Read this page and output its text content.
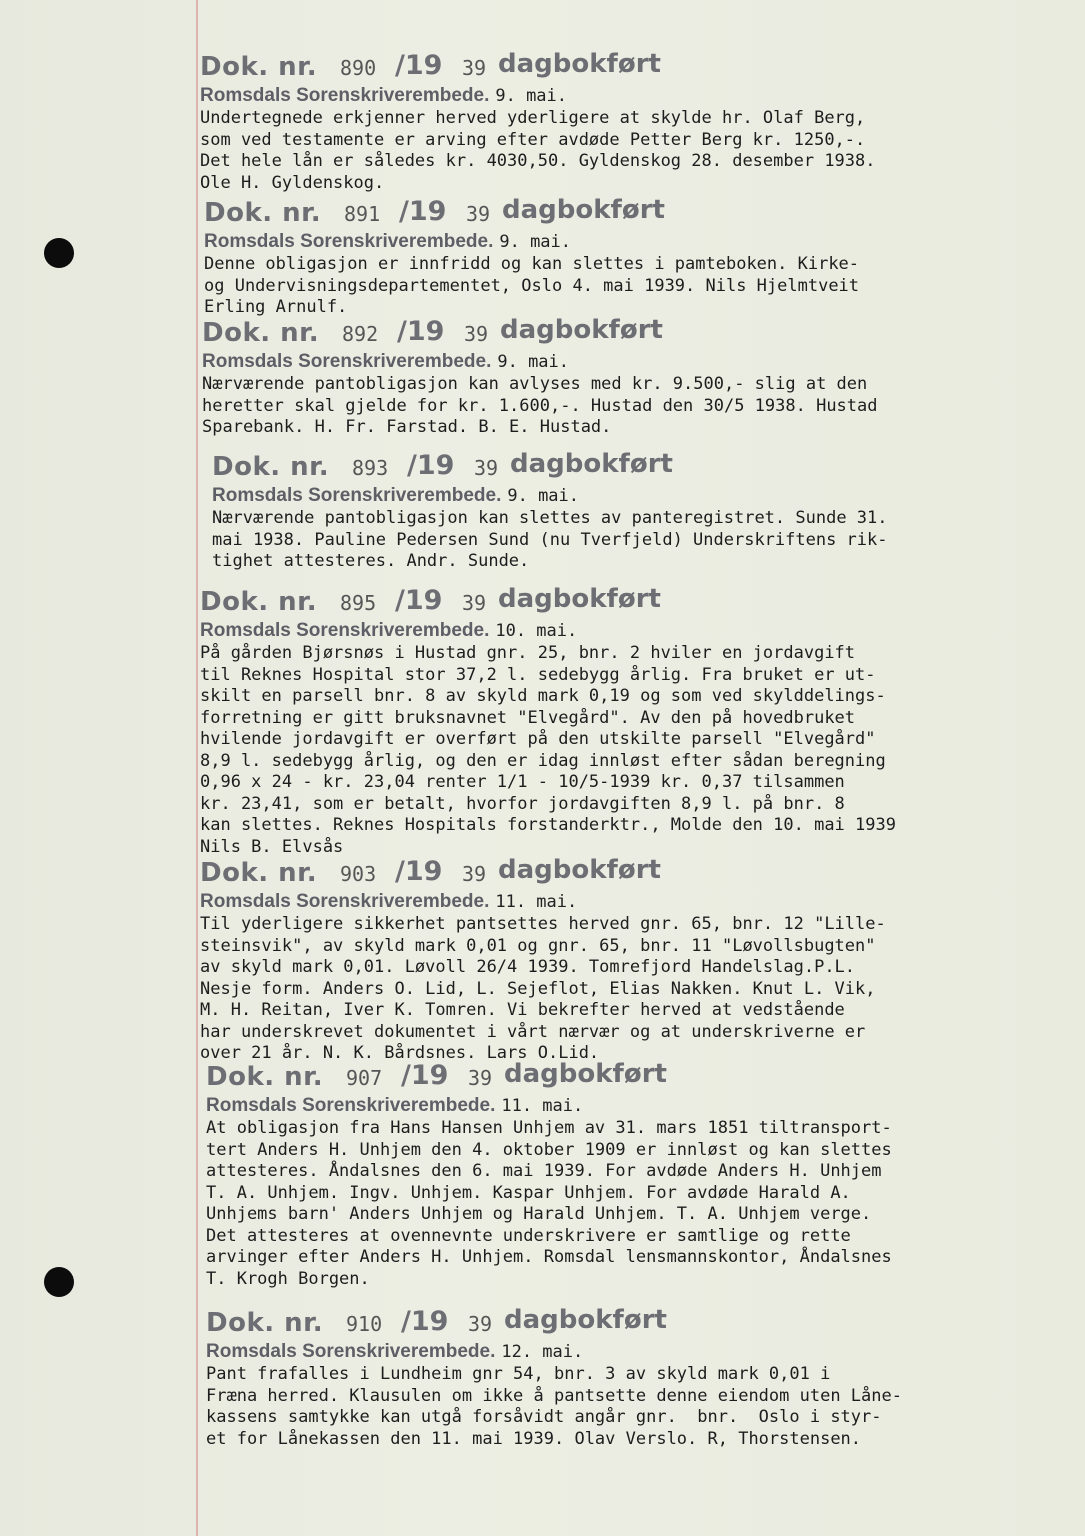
Dok. nr. 890 /19 39 dagbokført
Romsdals Sorenskriverembede. 9. mai.
Undertegnede erkjenner herved yderligere at skylde hr. Olaf Berg,
som ved testamente er arving efter avdøde Petter Berg kr. 1250,-.
Det hele lån er således kr. 4030,50. Gyldenskog 28. desember 1938.
Ole H. Gyldenskog.
Dok. nr. 891 /19 39 dagbokført
Romsdals Sorenskriverembede. 9. mai.
Denne obligasjon er innfridd og kan slettes i pamteboken. Kirke-
og Undervisningsdepartementet, Oslo 4. mai 1939. Nils Hjelmtveit
Erling Arnulf.
Dok. nr. 892 /19 39 dagbokført
Romsdals Sorenskriverembede. 9. mai.
Nærværende pantobligasjon kan avlyses med kr. 9.500,- slig at den
heretter skal gjelde for kr. 1.600,-. Hustad den 30/5 1938. Hustad
Sparebank. H. Fr. Farstad. B. E. Hustad.
Dok. nr. 893 /19 39 dagbokført
Romsdals Sorenskriverembede. 9. mai.
Nærværende pantobligasjon kan slettes av panteregistret. Sunde 31.
mai 1938. Pauline Pedersen Sund (nu Tverfjeld) Underskriftens rik-
tighet attesteres. Andr. Sunde.
Dok. nr. 895 /19 39 dagbokført
Romsdals Sorenskriverembede. 10. mai.
På gården Bjørsnøs i Hustad gnr. 25, bnr. 2 hviler en jordavgift
til Reknes Hospital stor 37,2 l. sedebygg årlig. Fra bruket er ut-
skilt en parsell bnr. 8 av skyld mark 0,19 og som ved skylddelings-
forretning er gitt bruksnavnet "Elvegård". Av den på hovedbruket
hvilende jordavgift er overført på den utskilte parsell "Elvegård"
8,9 l. sedebygg årlig, og den er idag innløst efter sådan beregning
0,96 x 24 - kr. 23,04 renter 1/1 - 10/5-1939 kr. 0,37 tilsammen
kr. 23,41, som er betalt, hvorfor jordavgiften 8,9 l. på bnr. 8
kan slettes. Reknes Hospitals forstanderktr., Molde den 10. mai 1939
Nils B. Elvsås
Dok. nr. 903 /19 39 dagbokført
Romsdals Sorenskriverembede. 11. mai.
Til yderligere sikkerhet pantsettes herved gnr. 65, bnr. 12 "Lille-
steinsvik", av skyld mark 0,01 og gnr. 65, bnr. 11 "Løvollsbugten"
av skyld mark 0,01. Løvoll 26/4 1939. Tomrefjord Handelslag.P.L.
Nesje form. Anders O. Lid, L. Sejeflot, Elias Nakken. Knut L. Vik,
M. H. Reitan, Iver K. Tomren. Vi bekrefter herved at vedstående
har underskrevet dokumentet i vårt nærvær og at underskriverne er
over 21 år. N. K. Bårdsnes. Lars O.Lid.
Dok. nr. 907 /19 39 dagbokført
Romsdals Sorenskriverembede. 11. mai.
At obligasjon fra Hans Hansen Unhjem av 31. mars 1851 tiltransport-
tert Anders H. Unhjem den 4. oktober 1909 er innløst og kan slettes
attesteres. Åndalsnes den 6. mai 1939. For avdøde Anders H. Unhjem
T. A. Unhjem. Ingv. Unhjem. Kaspar Unhjem. For avdøde Harald A.
Unhjems barn' Anders Unhjem og Harald Unhjem. T. A. Unhjem verge.
Det attesteres at ovennevnte underskrivere er samtlige og rette
arvinger efter Anders H. Unhjem. Romsdal lensmannskontor, Åndalsnes
T. Krogh Borgen.
Dok. nr. 910 /19 39 dagbokført
Romsdals Sorenskriverembede. 12. mai.
Pant frafalles i Lundheim gnr 54, bnr. 3 av skyld mark 0,01 i
Fræna herred. Klausulen om ikke å pantsette denne eiendom uten Låne-
kassens samtykke kan utgå forsåvidt angår gnr.  bnr.  Oslo i styr-
et for Lånekassen den 11. mai 1939. Olav Verslo. R, Thorstensen.
